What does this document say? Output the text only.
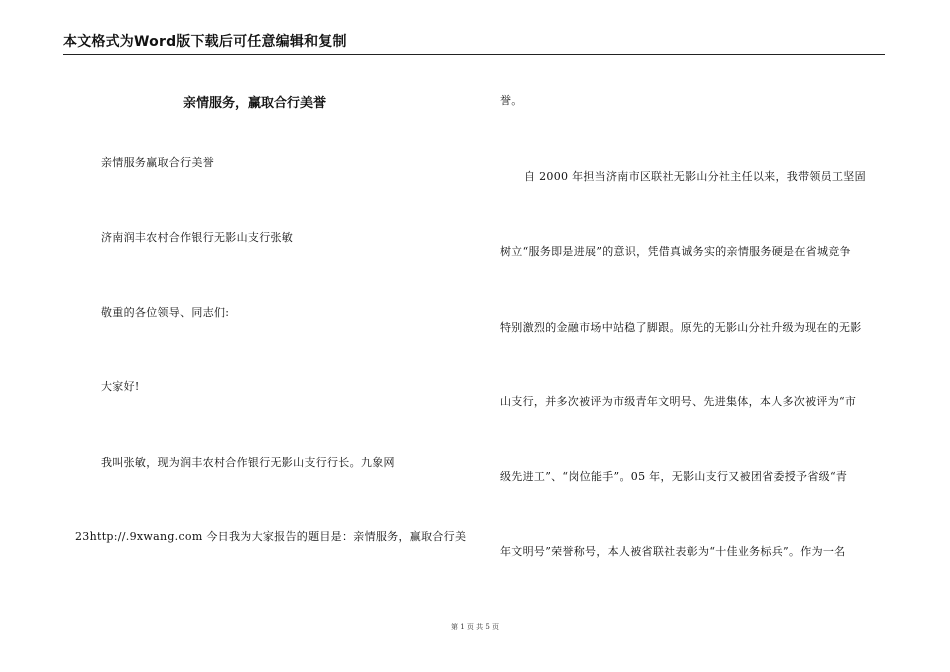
本文格式为Word版下载后可任意编辑和复制
亲情服务，赢取合行美誉
亲情服务赢取合行美誉
济南润丰农村合作银行无影山支行张敏
敬重的各位领导、同志们:
大家好!
我叫张敏，现为润丰农村合作银行无影山支行行长。九象网
23http://.9xwang.com 今日我为大家报告的题目是：亲情服务，赢取合行美
誉。
自 2000 年担当济南市区联社无影山分社主任以来，我带领员工坚固
树立“服务即是进展”的意识，凭借真诚务实的亲情服务硬是在省城竞争
特别激烈的金融市场中站稳了脚跟。原先的无影山分社升级为现在的无影
山支行，并多次被评为市级青年文明号、先进集体，本人多次被评为“市
级先进工”、“岗位能手”。05 年，无影山支行又被团省委授予省级“青
年文明号”荣誉称号，本人被省联社表彰为“十佳业务标兵”。作为一名
第 1 页 共 5 页
